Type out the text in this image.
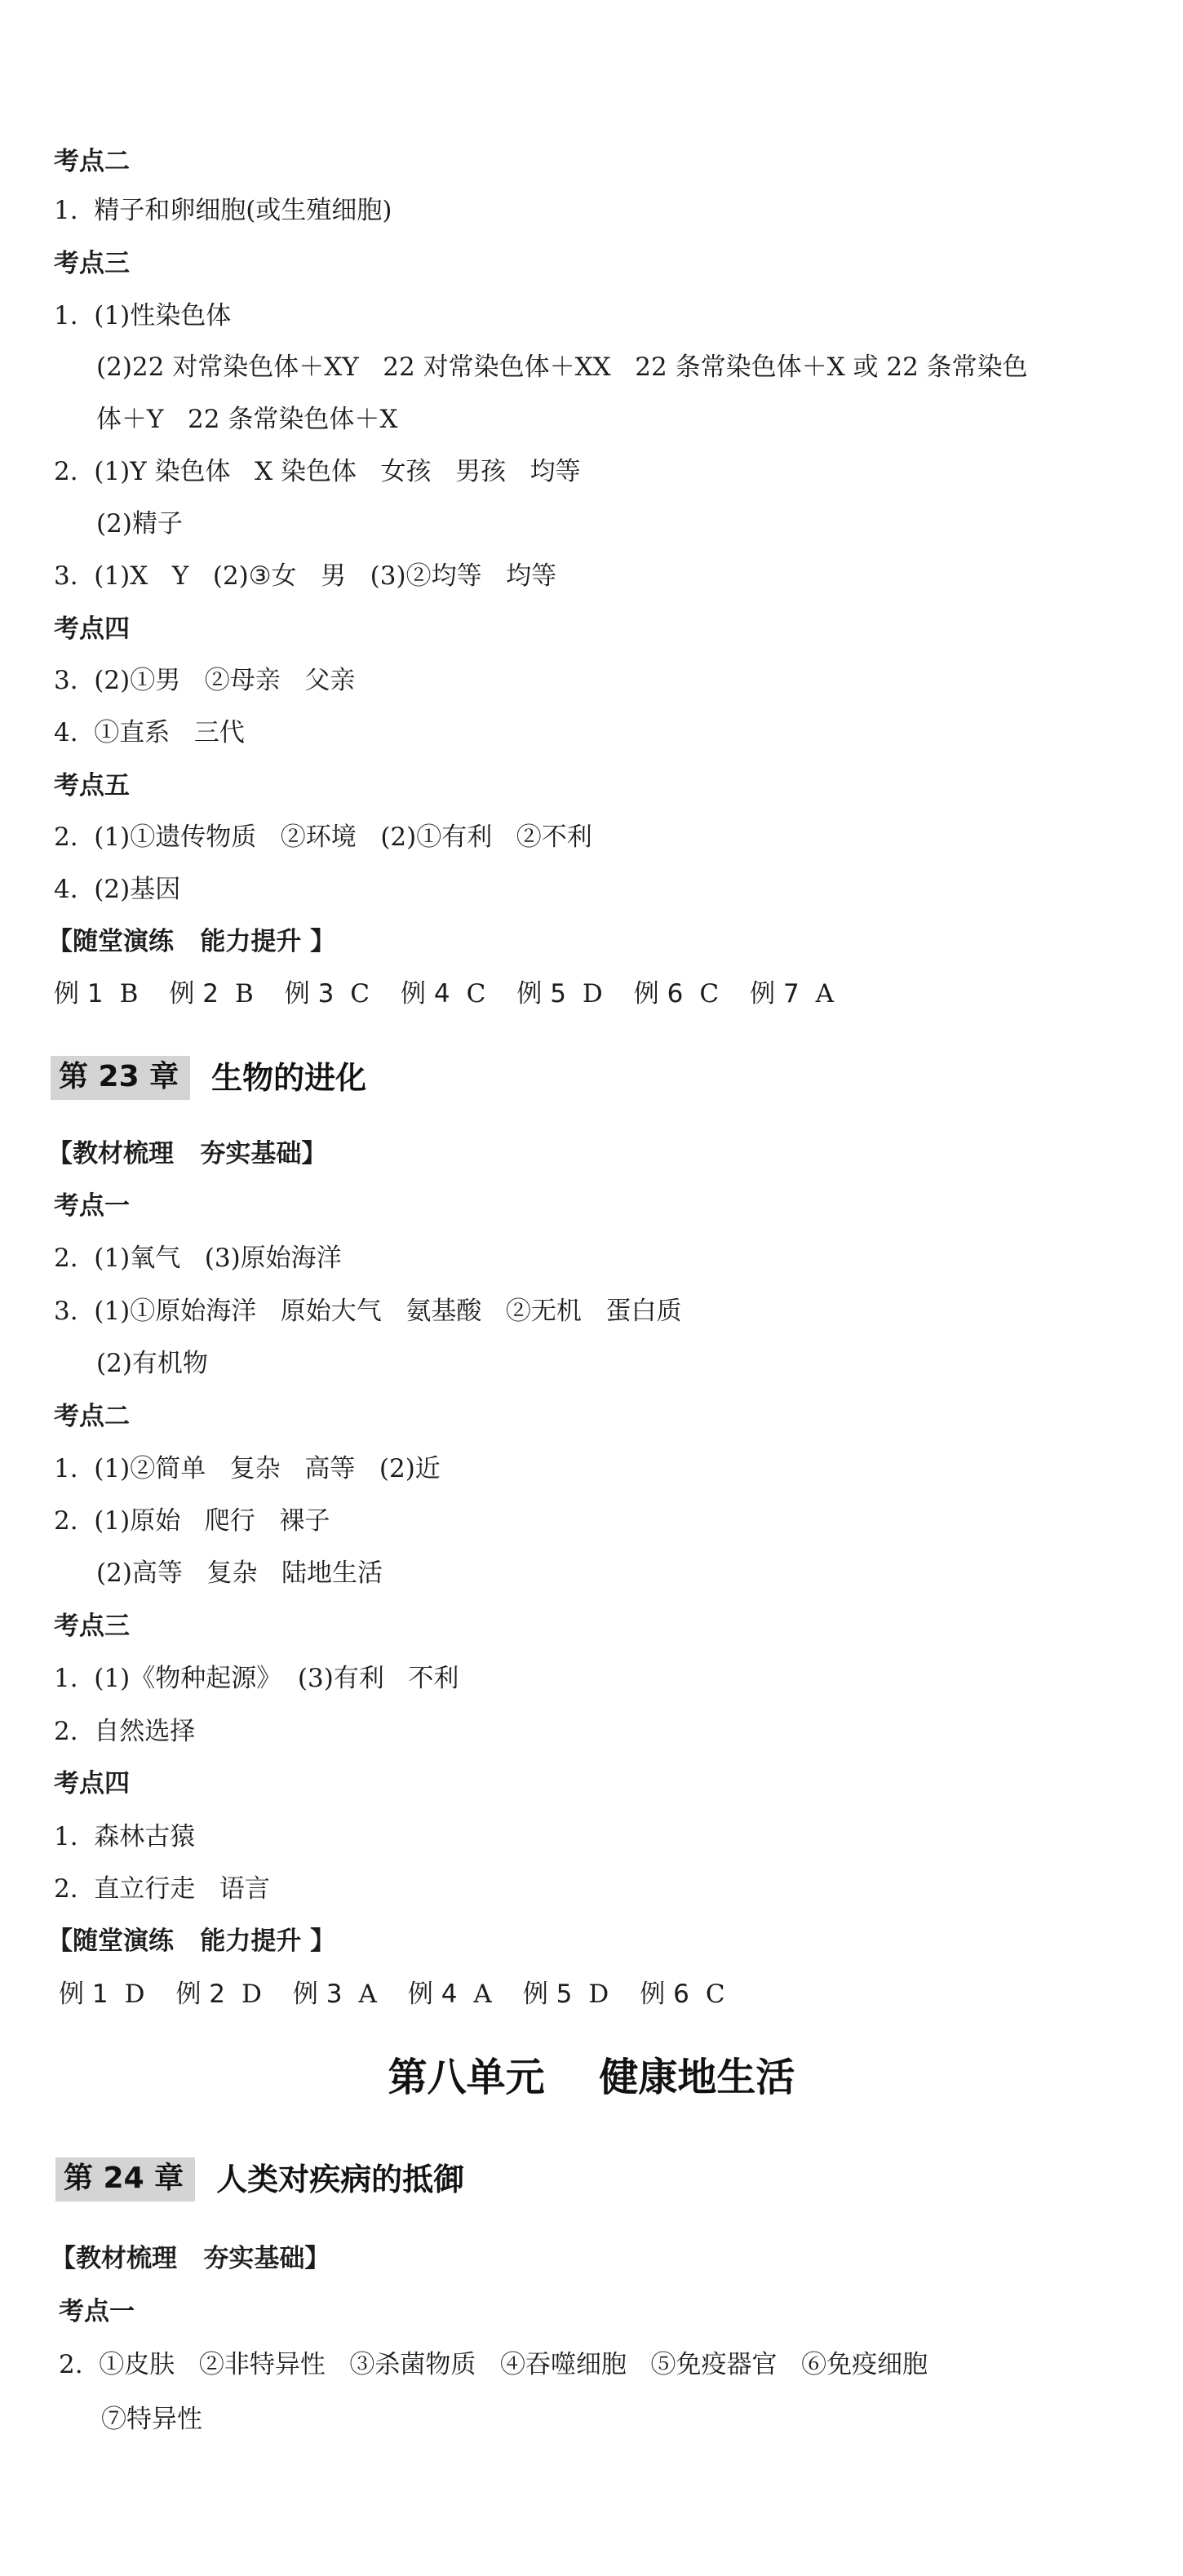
考点二
1.  精子和卵细胞(或生殖细胞)
考点三
1.  (1)性染色体
(2)22 对常染色体＋XY   22 对常染色体＋XX   22 条常染色体＋X 或 22 条常染色
体＋Y   22 条常染色体＋X
2.  (1)Y 染色体   X 染色体   女孩   男孩   均等
(2)精子
3.  (1)X   Y   (2)③女   男   (3)②均等   均等
考点四
3.  (2)①男   ②母亲   父亲
4.  ①直系   三代
考点五
2.  (1)①遗传物质   ②环境   (2)①有利   ②不利
4.  (2)基因
【随堂演练   能力提升 】
例 1 B 例 2 B 例 3 C 例 4 C 例 5 D 例 6 C 例 7 A
第 23 章	生物的进化
【教材梳理   夯实基础】
考点一
2.  (1)氧气   (3)原始海洋
3.  (1)①原始海洋   原始大气   氨基酸   ②无机   蛋白质
(2)有机物
考点二
1.  (1)②简单   复杂   高等   (2)近
2.  (1)原始   爬行   裸子
(2)高等   复杂   陆地生活
考点三
1.  (1)《物种起源》  (3)有利   不利
2.  自然选择
考点四
1.  森林古猿
2.  直立行走   语言
【随堂演练   能力提升 】
例 1 D 例 2 D 例 3 A 例 4 A 例 5 D 例 6 C
第八单元    健康地生活
第 24 章	人类对疾病的抵御
【教材梳理   夯实基础】
考点一
2.  ①皮肤   ②非特异性   ③杀菌物质   ④吞噬细胞   ⑤免疫器官   ⑥免疫细胞
⑦特异性
